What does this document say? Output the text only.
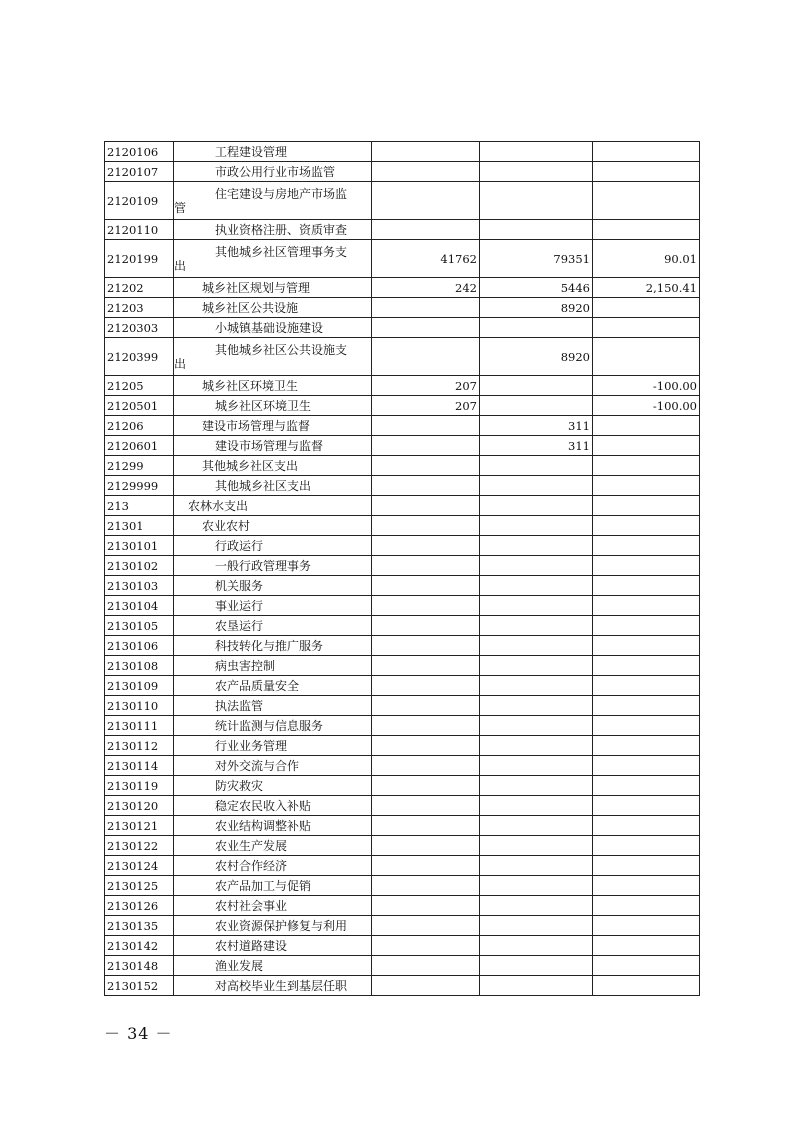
2120106	工程建设管理			
2120107	市政公用行业市场监管			
2120109	住宅建设与房地产市场监
管			

2120110	执业资格注册、资质审查			
2120199	其他城乡社区管理事务支
出	41762	79351	90.01
21202	城乡社区规划与管理	242	5446	2,150.41
21203	城乡社区公共设施		8920	
2120303	小城镇基础设施建设			
2120399	其他城乡社区公共设施支
出		8920	
21205	城乡社区环境卫生	207		-100.00
2120501	城乡社区环境卫生	207		-100.00
21206	建设市场管理与监督		311	
2120601	建设市场管理与监督		311	
21299	其他城乡社区支出			
2129999	其他城乡社区支出			
213	农林水支出			
21301	农业农村			
2130101	行政运行			
2130102	一般行政管理事务			
2130103	机关服务			
2130104	事业运行			
2130105	农垦运行			
2130106	科技转化与推广服务			
2130108	病虫害控制			
2130109	农产品质量安全			
2130110	执法监管			
2130111	统计监测与信息服务			
2130112	行业业务管理			
2130114	对外交流与合作			
2130119	防灾救灾			
2130120	稳定农民收入补贴			
2130121	农业结构调整补贴			
2130122	农业生产发展			
2130124	农村合作经济			
2130125	农产品加工与促销			
2130126	农村社会事业			
2130135	农业资源保护修复与利用			
2130142	农村道路建设			
2130148	渔业发展			
2130152	对高校毕业生到基层任职			
－ 34 －
